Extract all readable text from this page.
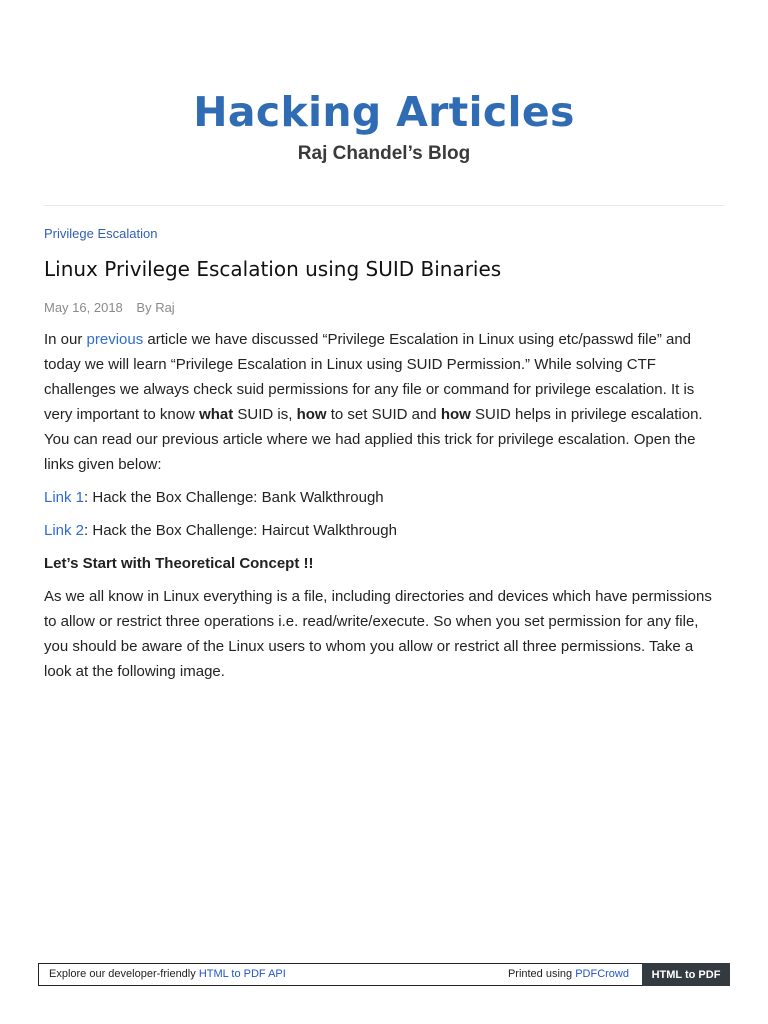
Hacking Articles
Raj Chandel’s Blog
Privilege Escalation
Linux Privilege Escalation using SUID Binaries
May 16, 2018 By Raj

In our previous article we have discussed “Privilege Escalation in Linux using etc/passwd file” and today we will learn “Privilege Escalation in Linux using SUID Permission.” While solving CTF challenges we always check suid permissions for any file or command for privilege escalation. It is very important to know what SUID is, how to set SUID and how SUID helps in privilege escalation. You can read our previous article where we had applied this trick for privilege escalation. Open the links given below:

Link 1: Hack the Box Challenge: Bank Walkthrough

Link 2: Hack the Box Challenge: Haircut Walkthrough

Let’s Start with Theoretical Concept !!

As we all know in Linux everything is a file, including directories and devices which have permissions to allow or restrict three operations i.e. read/write/execute. So when you set permission for any file, you should be aware of the Linux users to whom you allow or restrict all three permissions. Take a look at the following image.

Explore our developer-friendly HTML to PDF API	Printed using PDFCrowd	HTML to PDF
